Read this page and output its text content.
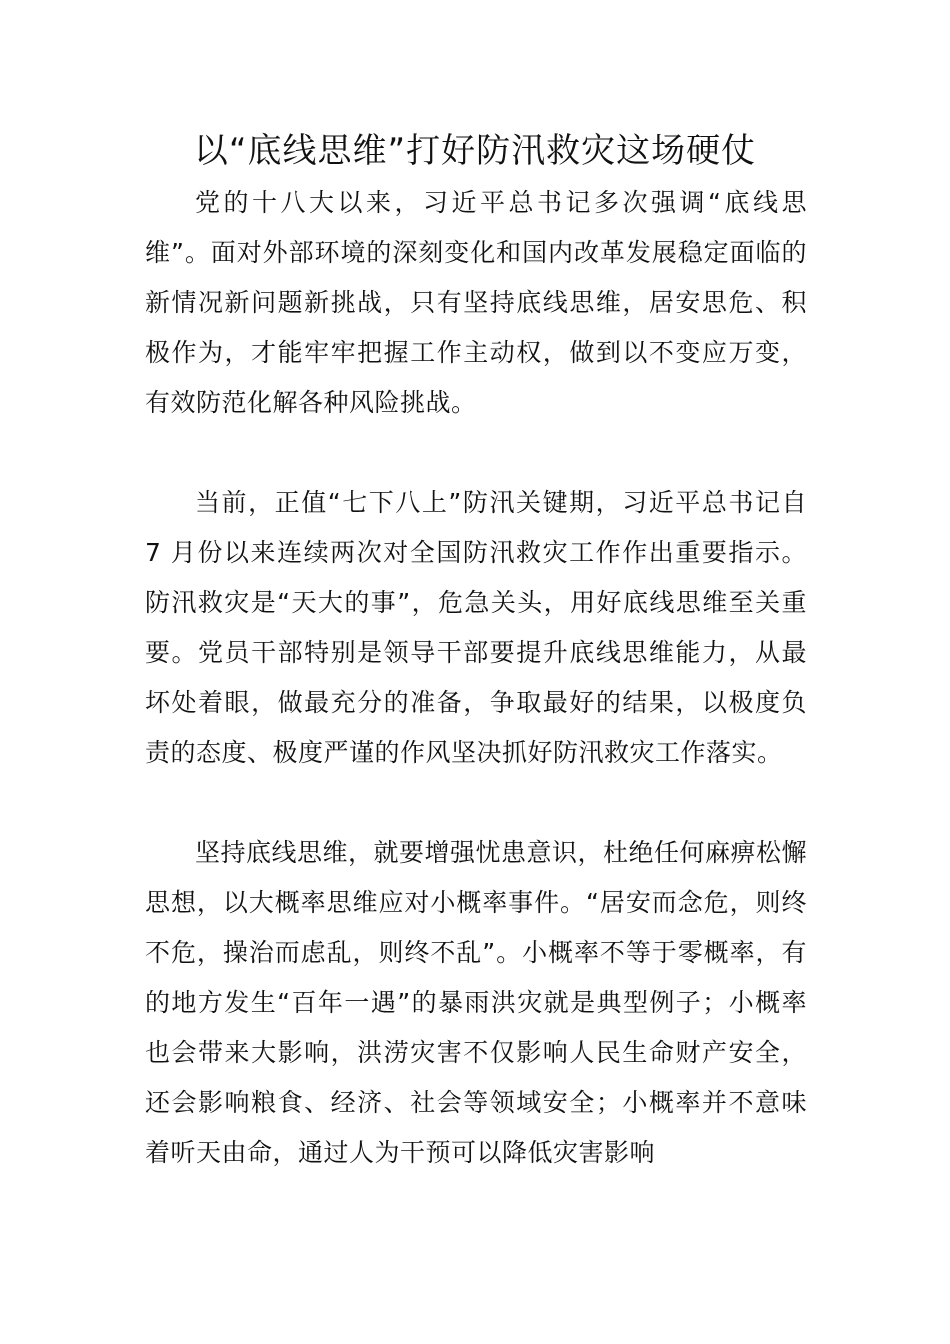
以“底线思维”打好防汛救灾这场硬仗

党的十八大以来，习近平总书记多次强调“底线思维”。面对外部环境的深刻变化和国内改革发展稳定面临的新情况新问题新挑战，只有坚持底线思维，居安思危、积极作为，才能牢牢把握工作主动权，做到以不变应万变，有效防范化解各种风险挑战。

当前，正值“七下八上”防汛关键期，习近平总书记自 7 月份以来连续两次对全国防汛救灾工作作出重要指示。防汛救灾是“天大的事”，危急关头，用好底线思维至关重要。党员干部特别是领导干部要提升底线思维能力，从最坏处着眼，做最充分的准备，争取最好的结果，以极度负责的态度、极度严谨的作风坚决抓好防汛救灾工作落实。

坚持底线思维，就要增强忧患意识，杜绝任何麻痹松懈思想，以大概率思维应对小概率事件。“居安而念危，则终不危，操治而虑乱，则终不乱”。小概率不等于零概率，有的地方发生“百年一遇”的暴雨洪灾就是典型例子；小概率也会带来大影响，洪涝灾害不仅影响人民生命财产安全，还会影响粮食、经济、社会等领域安全；小概率并不意味着听天由命，通过人为干预可以降低灾害影响
